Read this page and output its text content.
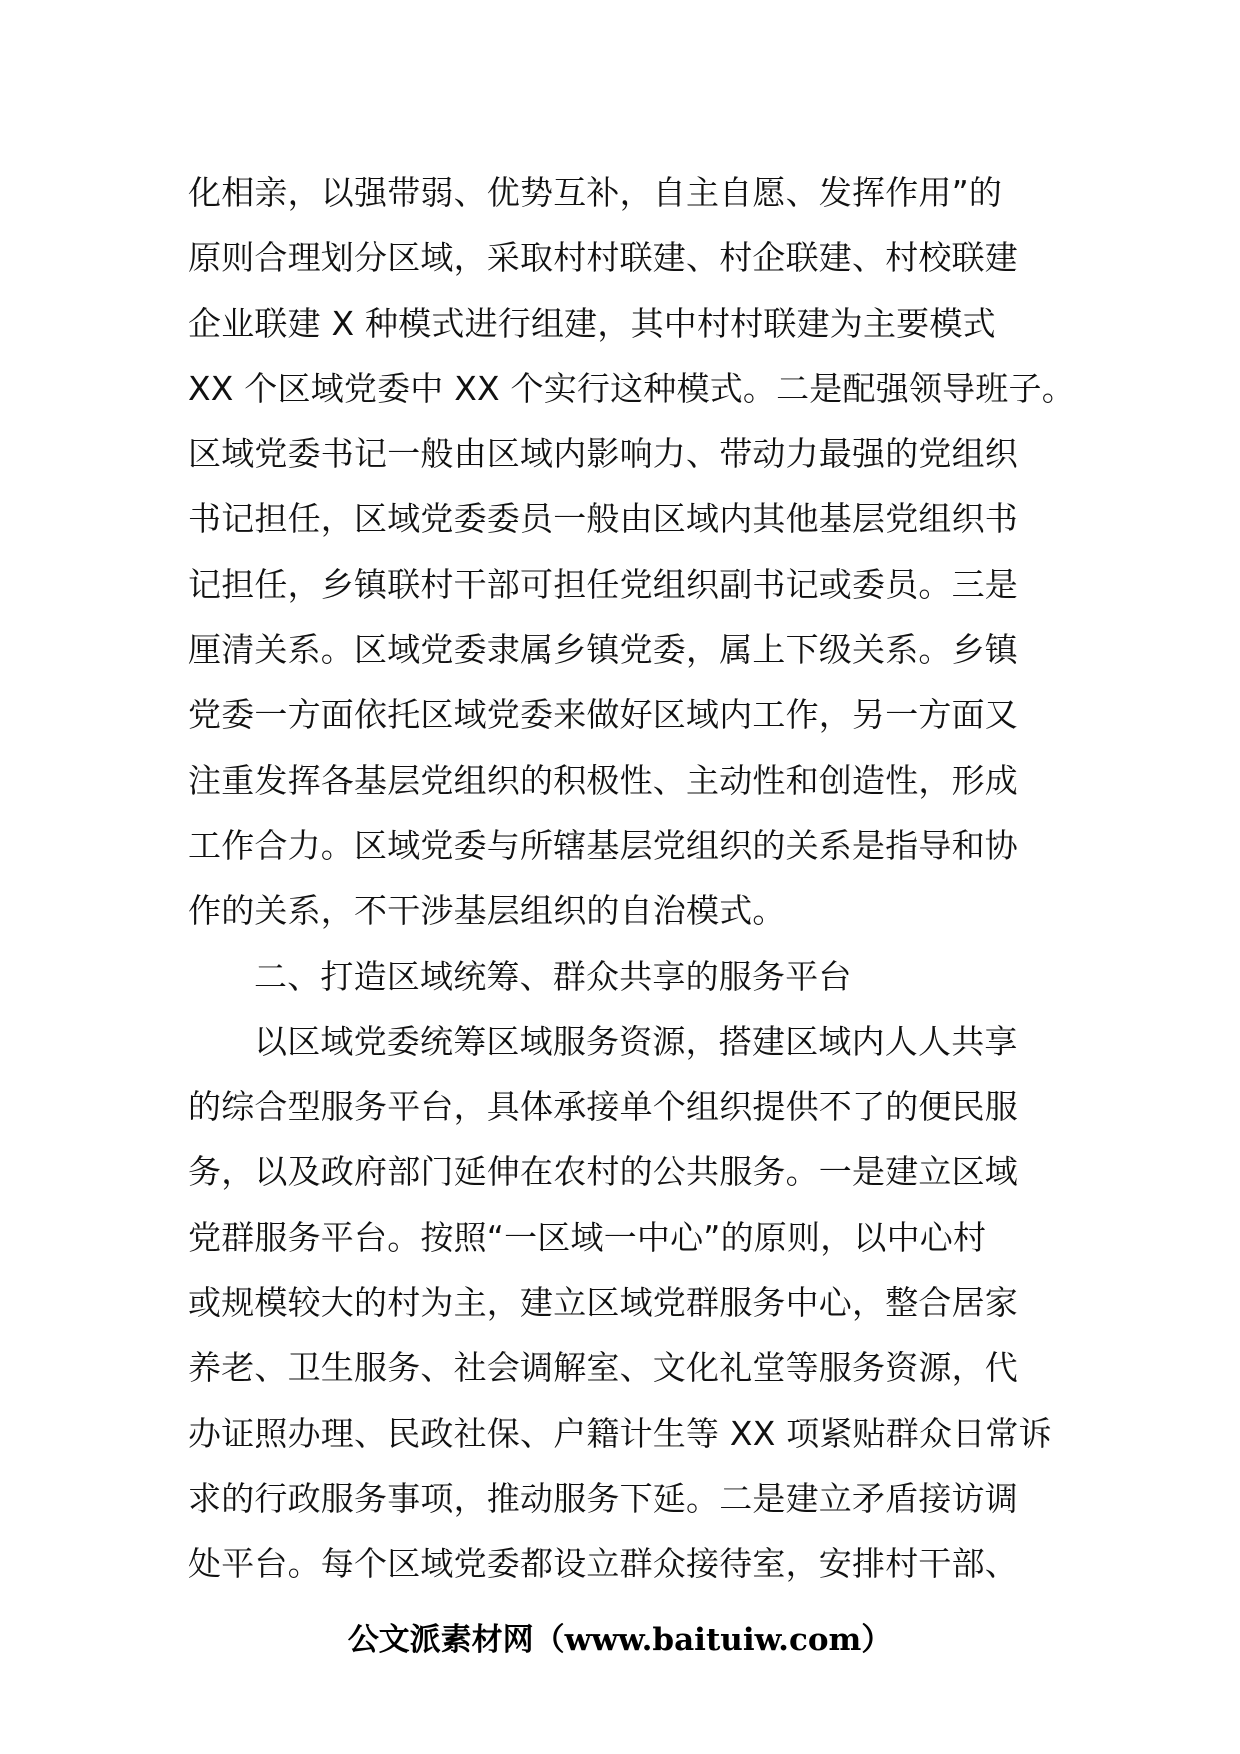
化相亲，以强带弱、优势互补，自主自愿、发挥作用”的
原则合理划分区域，采取村村联建、村企联建、村校联建
企业联建 X 种模式进行组建，其中村村联建为主要模式
XX 个区域党委中 XX 个实行这种模式。二是配强领导班子。
区域党委书记一般由区域内影响力、带动力最强的党组织
书记担任，区域党委委员一般由区域内其他基层党组织书
记担任，乡镇联村干部可担任党组织副书记或委员。三是
厘清关系。区域党委隶属乡镇党委，属上下级关系。乡镇
党委一方面依托区域党委来做好区域内工作，另一方面又
注重发挥各基层党组织的积极性、主动性和创造性，形成
工作合力。区域党委与所辖基层党组织的关系是指导和协
作的关系，不干涉基层组织的自治模式。
二、打造区域统筹、群众共享的服务平台
以区域党委统筹区域服务资源，搭建区域内人人共享
的综合型服务平台，具体承接单个组织提供不了的便民服
务，以及政府部门延伸在农村的公共服务。一是建立区域
党群服务平台。按照“一区域一中心”的原则，以中心村
或规模较大的村为主，建立区域党群服务中心，整合居家
养老、卫生服务、社会调解室、文化礼堂等服务资源，代
办证照办理、民政社保、户籍计生等 XX 项紧贴群众日常诉
求的行政服务事项，推动服务下延。二是建立矛盾接访调
处平台。每个区域党委都设立群众接待室，安排村干部、
公文派素材网（www.baituiw.com）
